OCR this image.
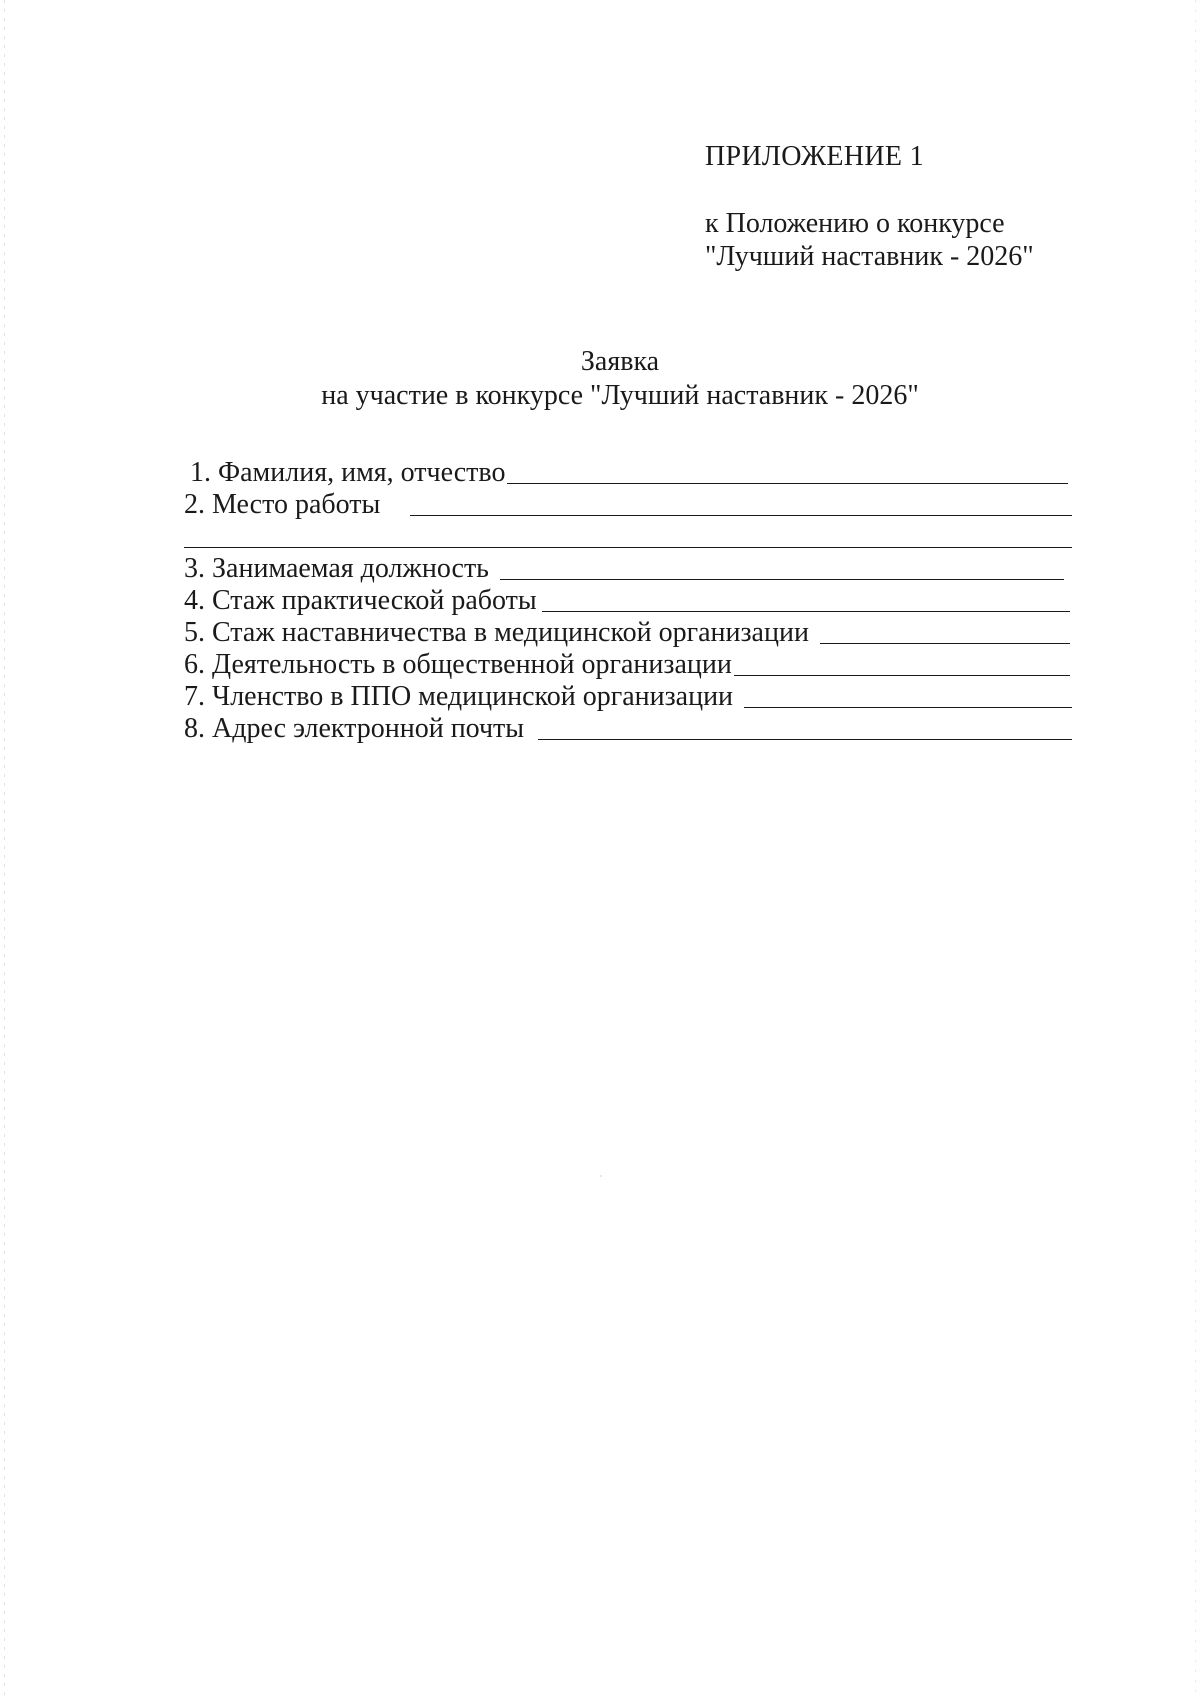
ПРИЛОЖЕНИЕ 1
к Положению о конкурсе
"Лучший наставник - 2026"
Заявка
на участие в конкурсе "Лучший наставник - 2026"
1. Фамилия, имя, отчество
2. Место работы
3. Занимаемая должность
4. Стаж практической работы
5. Стаж наставничества в медицинской организации
6. Деятельность в общественной организации
7. Членство в ППО медицинской организации
8. Адрес электронной почты
